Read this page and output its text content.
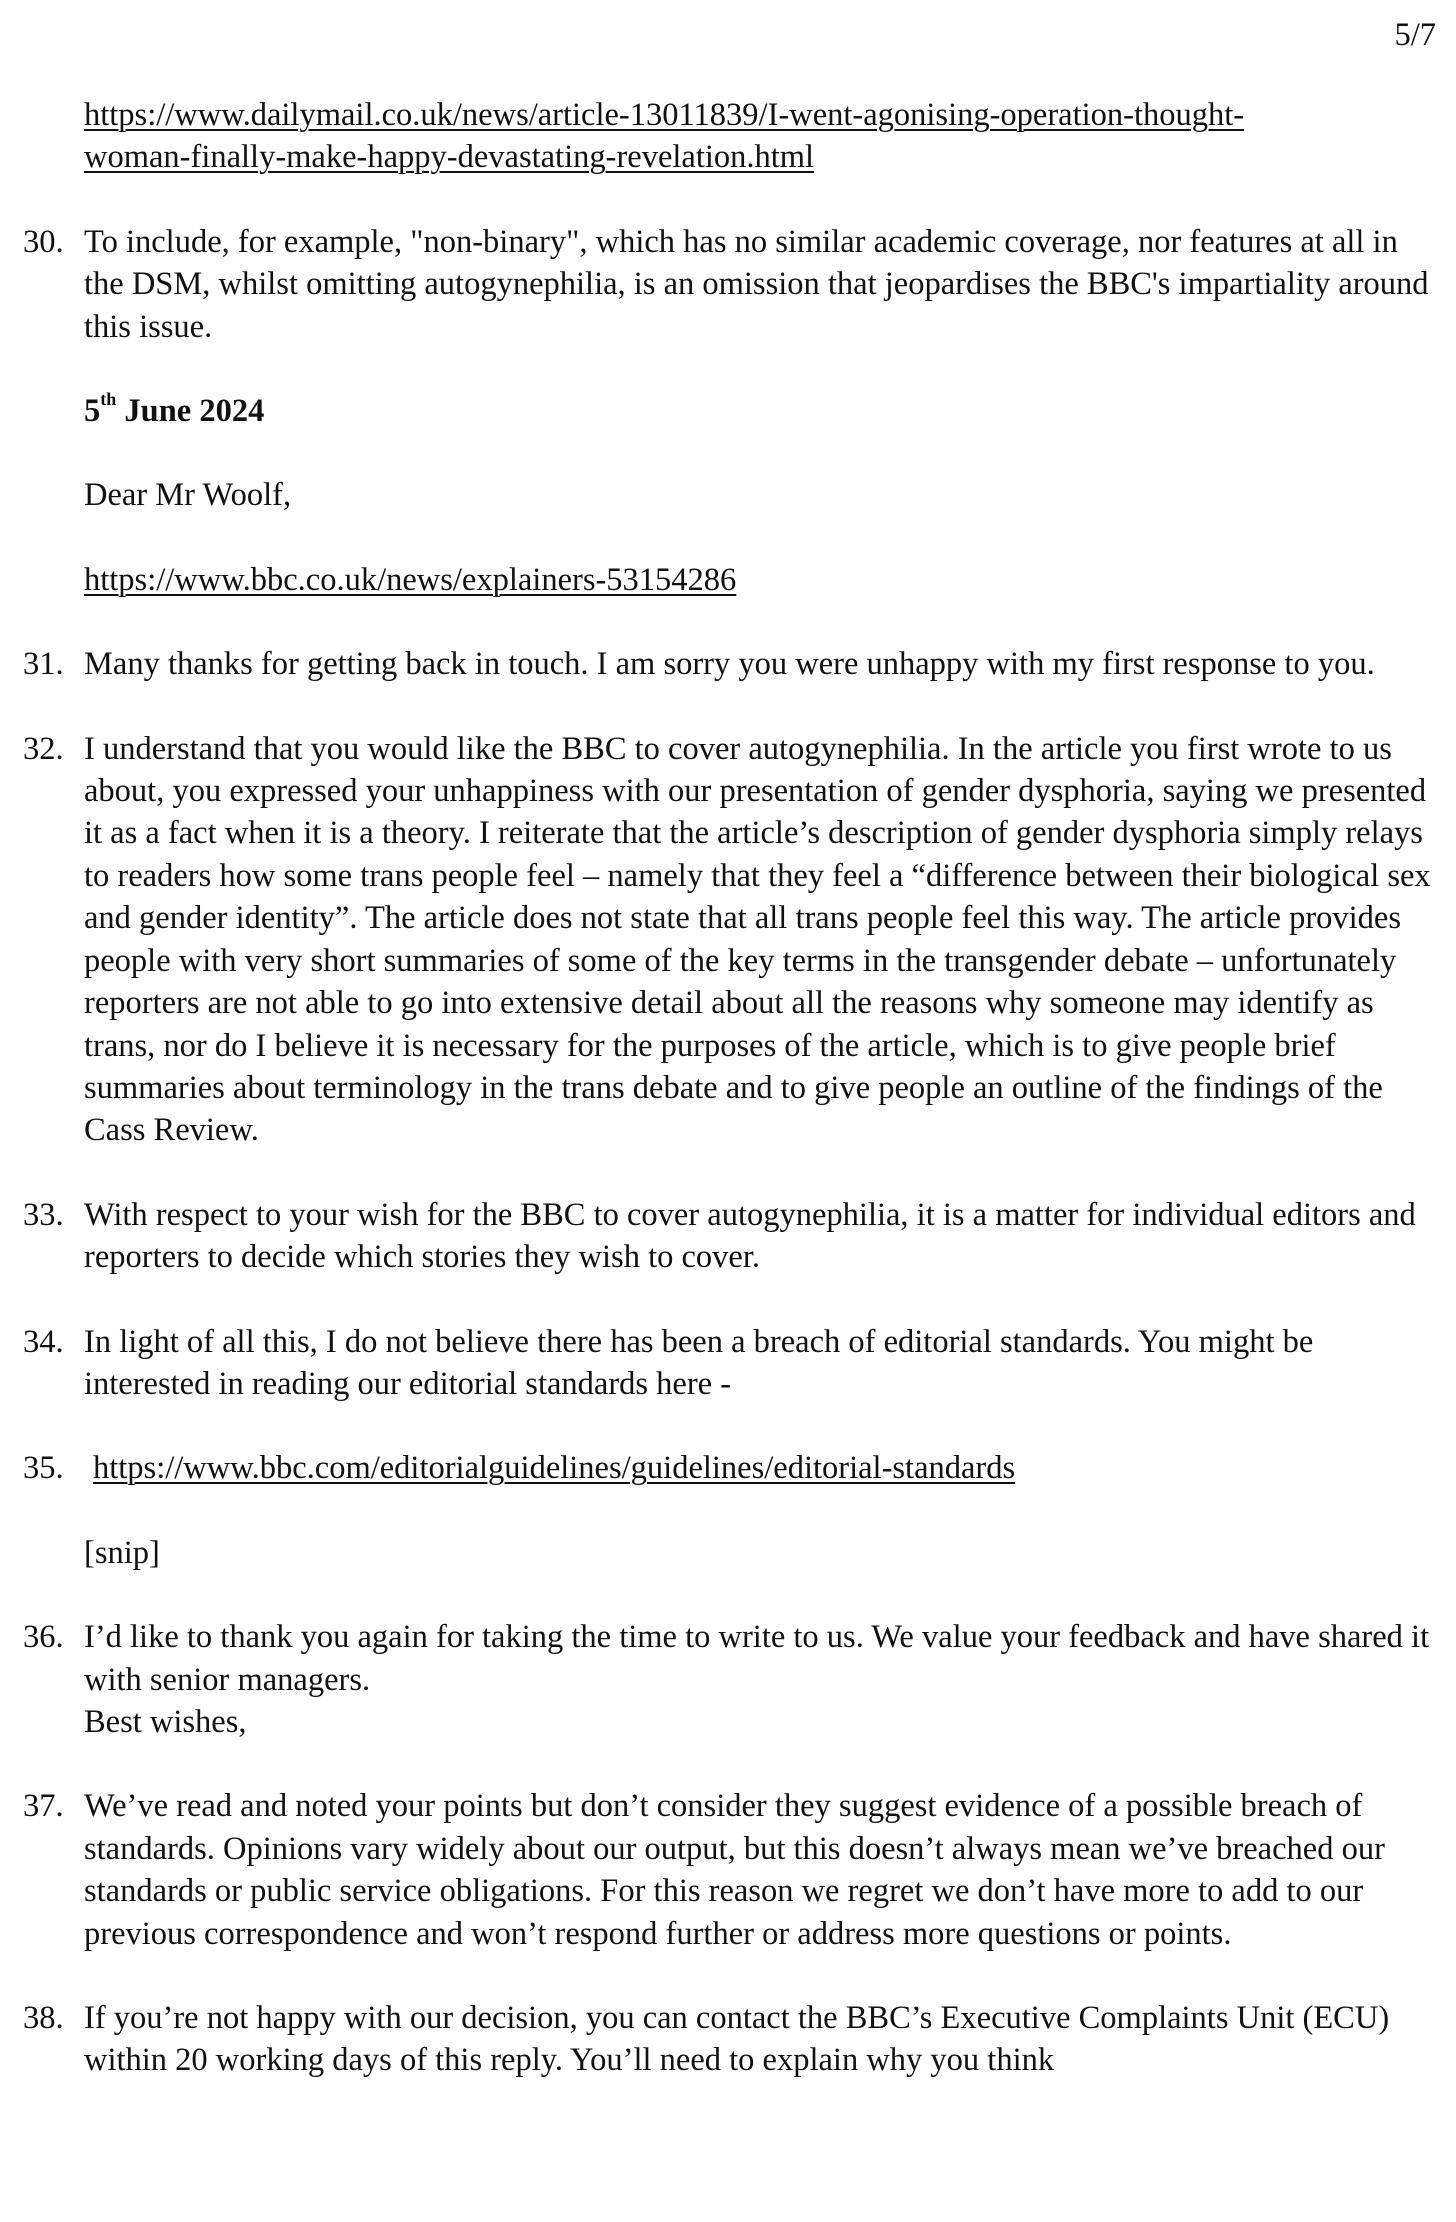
5/7

https://www.dailymail.co.uk/news/article-13011839/I-went-agonising-operation-thought-
woman-finally-make-happy-devastating-revelation.html
30. To include, for example, "non-binary", which has no similar academic coverage, nor features at all in the DSM, whilst omitting autogynephilia, is an omission that jeopardises the BBC's impartiality around this issue.

5th June 2024

Dear Mr Woolf,

https://www.bbc.co.uk/news/explainers-53154286

31. Many thanks for getting back in touch. I am sorry you were unhappy with my first response to you.

32. I understand that you would like the BBC to cover autogynephilia. In the article you first wrote to us about, you expressed your unhappiness with our presentation of gender dysphoria, saying we presented it as a fact when it is a theory. I reiterate that the article’s description of gender dysphoria simply relays to readers how some trans people feel – namely that they feel a “difference between their biological sex and gender identity”. The article does not state that all trans people feel this way. The article provides people with very short summaries of some of the key terms in the transgender debate – unfortunately reporters are not able to go into extensive detail about all the reasons why someone may identify as trans, nor do I believe it is necessary for the purposes of the article, which is to give people brief summaries about terminology in the trans debate and to give people an outline of the findings of the Cass Review.

33. With respect to your wish for the BBC to cover autogynephilia, it is a matter for individual editors and reporters to decide which stories they wish to cover.

34. In light of all this, I do not believe there has been a breach of editorial standards. You might be interested in reading our editorial standards here -

35. https://www.bbc.com/editorialguidelines/guidelines/editorial-standards

[snip]

36. I’d like to thank you again for taking the time to write to us. We value your feedback and have shared it with senior managers.

Best wishes,

37. We’ve read and noted your points but don’t consider they suggest evidence of a possible breach of standards. Opinions vary widely about our output, but this doesn’t always mean we’ve breached our standards or public service obligations. For this reason we regret we don’t have more to add to our previous correspondence and won’t respond further or address more questions or points.

38. If you’re not happy with our decision, you can contact the BBC’s Executive Complaints Unit (ECU) within 20 working days of this reply. You’ll need to explain why you think
